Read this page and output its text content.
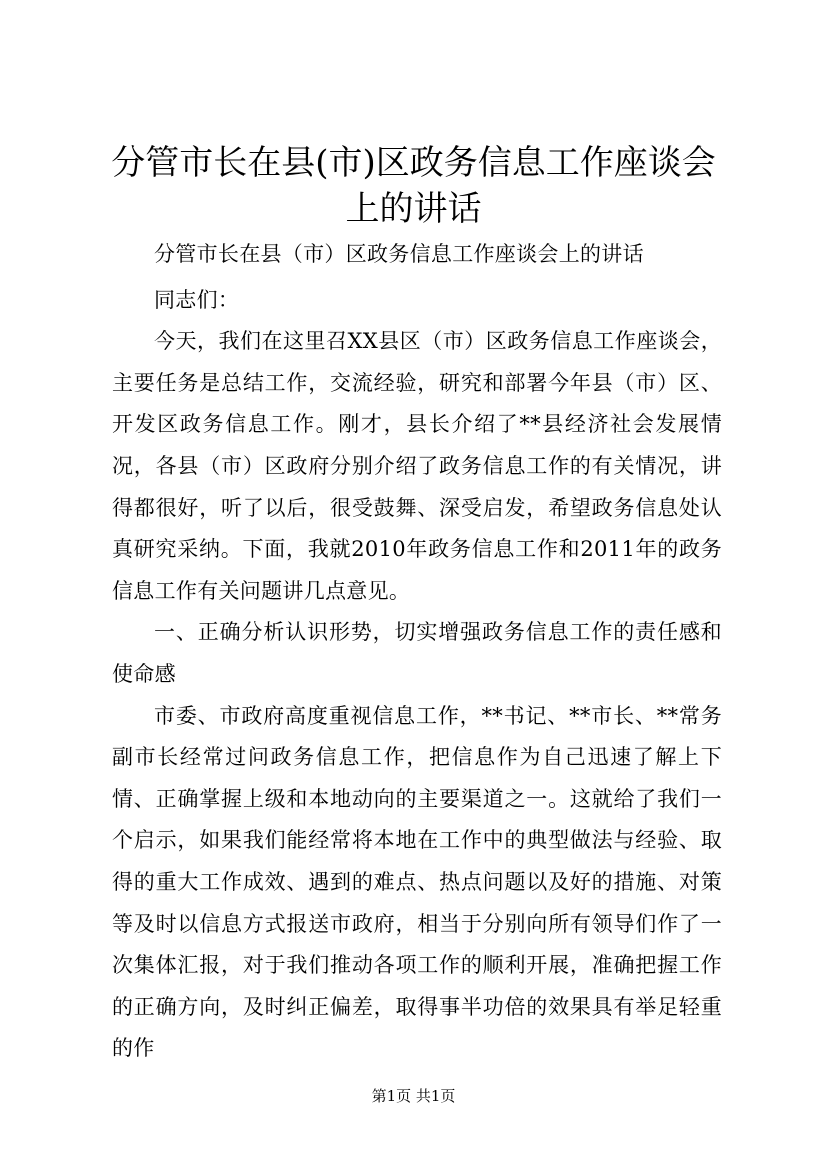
分管市长在县(市)区政务信息工作座谈会上的讲话

分管市长在县（市）区政务信息工作座谈会上的讲话

同志们：

今天，我们在这里召XX县区（市）区政务信息工作座谈会，主要任务是总结工作，交流经验，研究和部署今年县（市）区、开发区政务信息工作。刚才，县长介绍了**县经济社会发展情况，各县（市）区政府分别介绍了政务信息工作的有关情况，讲得都很好，听了以后，很受鼓舞、深受启发，希望政务信息处认真研究采纳。下面，我就2010年政务信息工作和2011年的政务信息工作有关问题讲几点意见。

一、正确分析认识形势，切实增强政务信息工作的责任感和使命感

市委、市政府高度重视信息工作，**书记、**市长、**常务副市长经常过问政务信息工作，把信息作为自己迅速了解上下情、正确掌握上级和本地动向的主要渠道之一。这就给了我们一个启示，如果我们能经常将本地在工作中的典型做法与经验、取得的重大工作成效、遇到的难点、热点问题以及好的措施、对策等及时以信息方式报送市政府，相当于分别向所有领导们作了一次集体汇报，对于我们推动各项工作的顺利开展，准确把握工作的正确方向，及时纠正偏差，取得事半功倍的效果具有举足轻重的作

第1页 共1页
